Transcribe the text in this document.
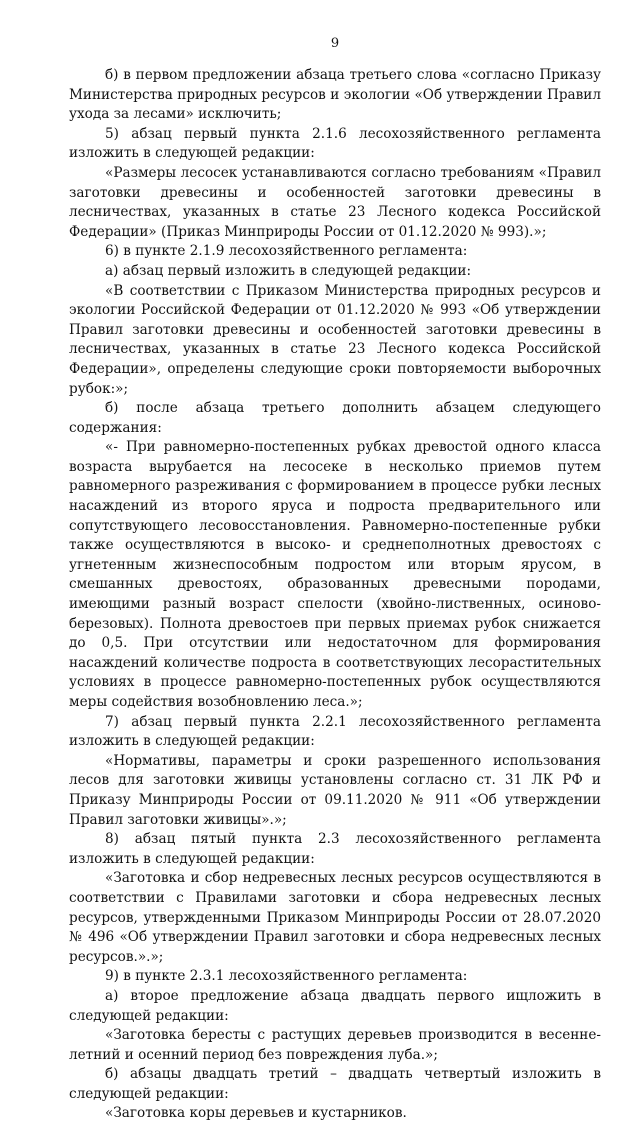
9

б) в первом предложении абзаца третьего слова «согласно Приказу Министерства природных ресурсов и экологии «Об утверждении Правил ухода за лесами» исключить;

5) абзац первый пункта 2.1.6 лесохозяйственного регламента изложить в следующей редакции:

«Размеры лесосек устанавливаются согласно требованиям «Правил заготовки древесины и особенностей заготовки древесины в лесничествах, указанных в статье 23 Лесного кодекса Российской Федерации» (Приказ Минприроды России от 01.12.2020 № 993).»;

6) в пункте 2.1.9 лесохозяйственного регламента:

а) абзац первый изложить в следующей редакции:

«В соответствии с Приказом Министерства природных ресурсов и экологии Российской Федерации от 01.12.2020 № 993 «Об утверждении Правил заготовки древесины и особенностей заготовки древесины в лесничествах, указанных в статье 23 Лесного кодекса Российской Федерации», определены следующие сроки повторяемости выборочных рубок:»;

б) после абзаца третьего дополнить абзацем следующего содержания:

«- При равномерно-постепенных рубках древостой одного класса возраста вырубается на лесосеке в несколько приемов путем равномерного разреживания с формированием в процессе рубки лесных насаждений из второго яруса и подроста предварительного или сопутствующего лесовосстановления. Равномерно-постепенные рубки также осуществляются в высоко- и среднеполнотных древостоях с угнетенным жизнеспособным подростом или вторым ярусом, в смешанных древостоях, образованных древесными породами, имеющими разный возраст спелости (хвойно-лиственных, осиново-березовых). Полнота древостоев при первых приемах рубок снижается до 0,5. При отсутствии или недостаточном для формирования насаждений количестве подроста в соответствующих лесорастительных условиях в процессе равномерно-постепенных рубок осуществляются меры содействия возобновлению леса.»;

7) абзац первый пункта 2.2.1 лесохозяйственного регламента изложить в следующей редакции:

«Нормативы, параметры и сроки разрешенного использования лесов для заготовки живицы установлены согласно ст. 31 ЛК РФ и Приказу Минприроды России от 09.11.2020 № 911 «Об утверждении Правил заготовки живицы».»;

8) абзац пятый пункта 2.3 лесохозяйственного регламента изложить в следующей редакции:

«Заготовка и сбор недревесных лесных ресурсов осуществляются в соответствии с Правилами заготовки и сбора недревесных лесных ресурсов, утвержденными Приказом Минприроды России от 28.07.2020 № 496 «Об утверждении Правил заготовки и сбора недревесных лесных ресурсов.».»;

9) в пункте 2.3.1 лесохозяйственного регламента:

а) второе предложение абзаца двадцать первого ищложить в следующей редакции:

«Заготовка бересты с растущих деревьев производится в весенне-летний и осенний период без повреждения луба.»;

б) абзацы двадцать третий – двадцать четвертый изложить в следующей редакции:

«Заготовка коры деревьев и кустарников.
